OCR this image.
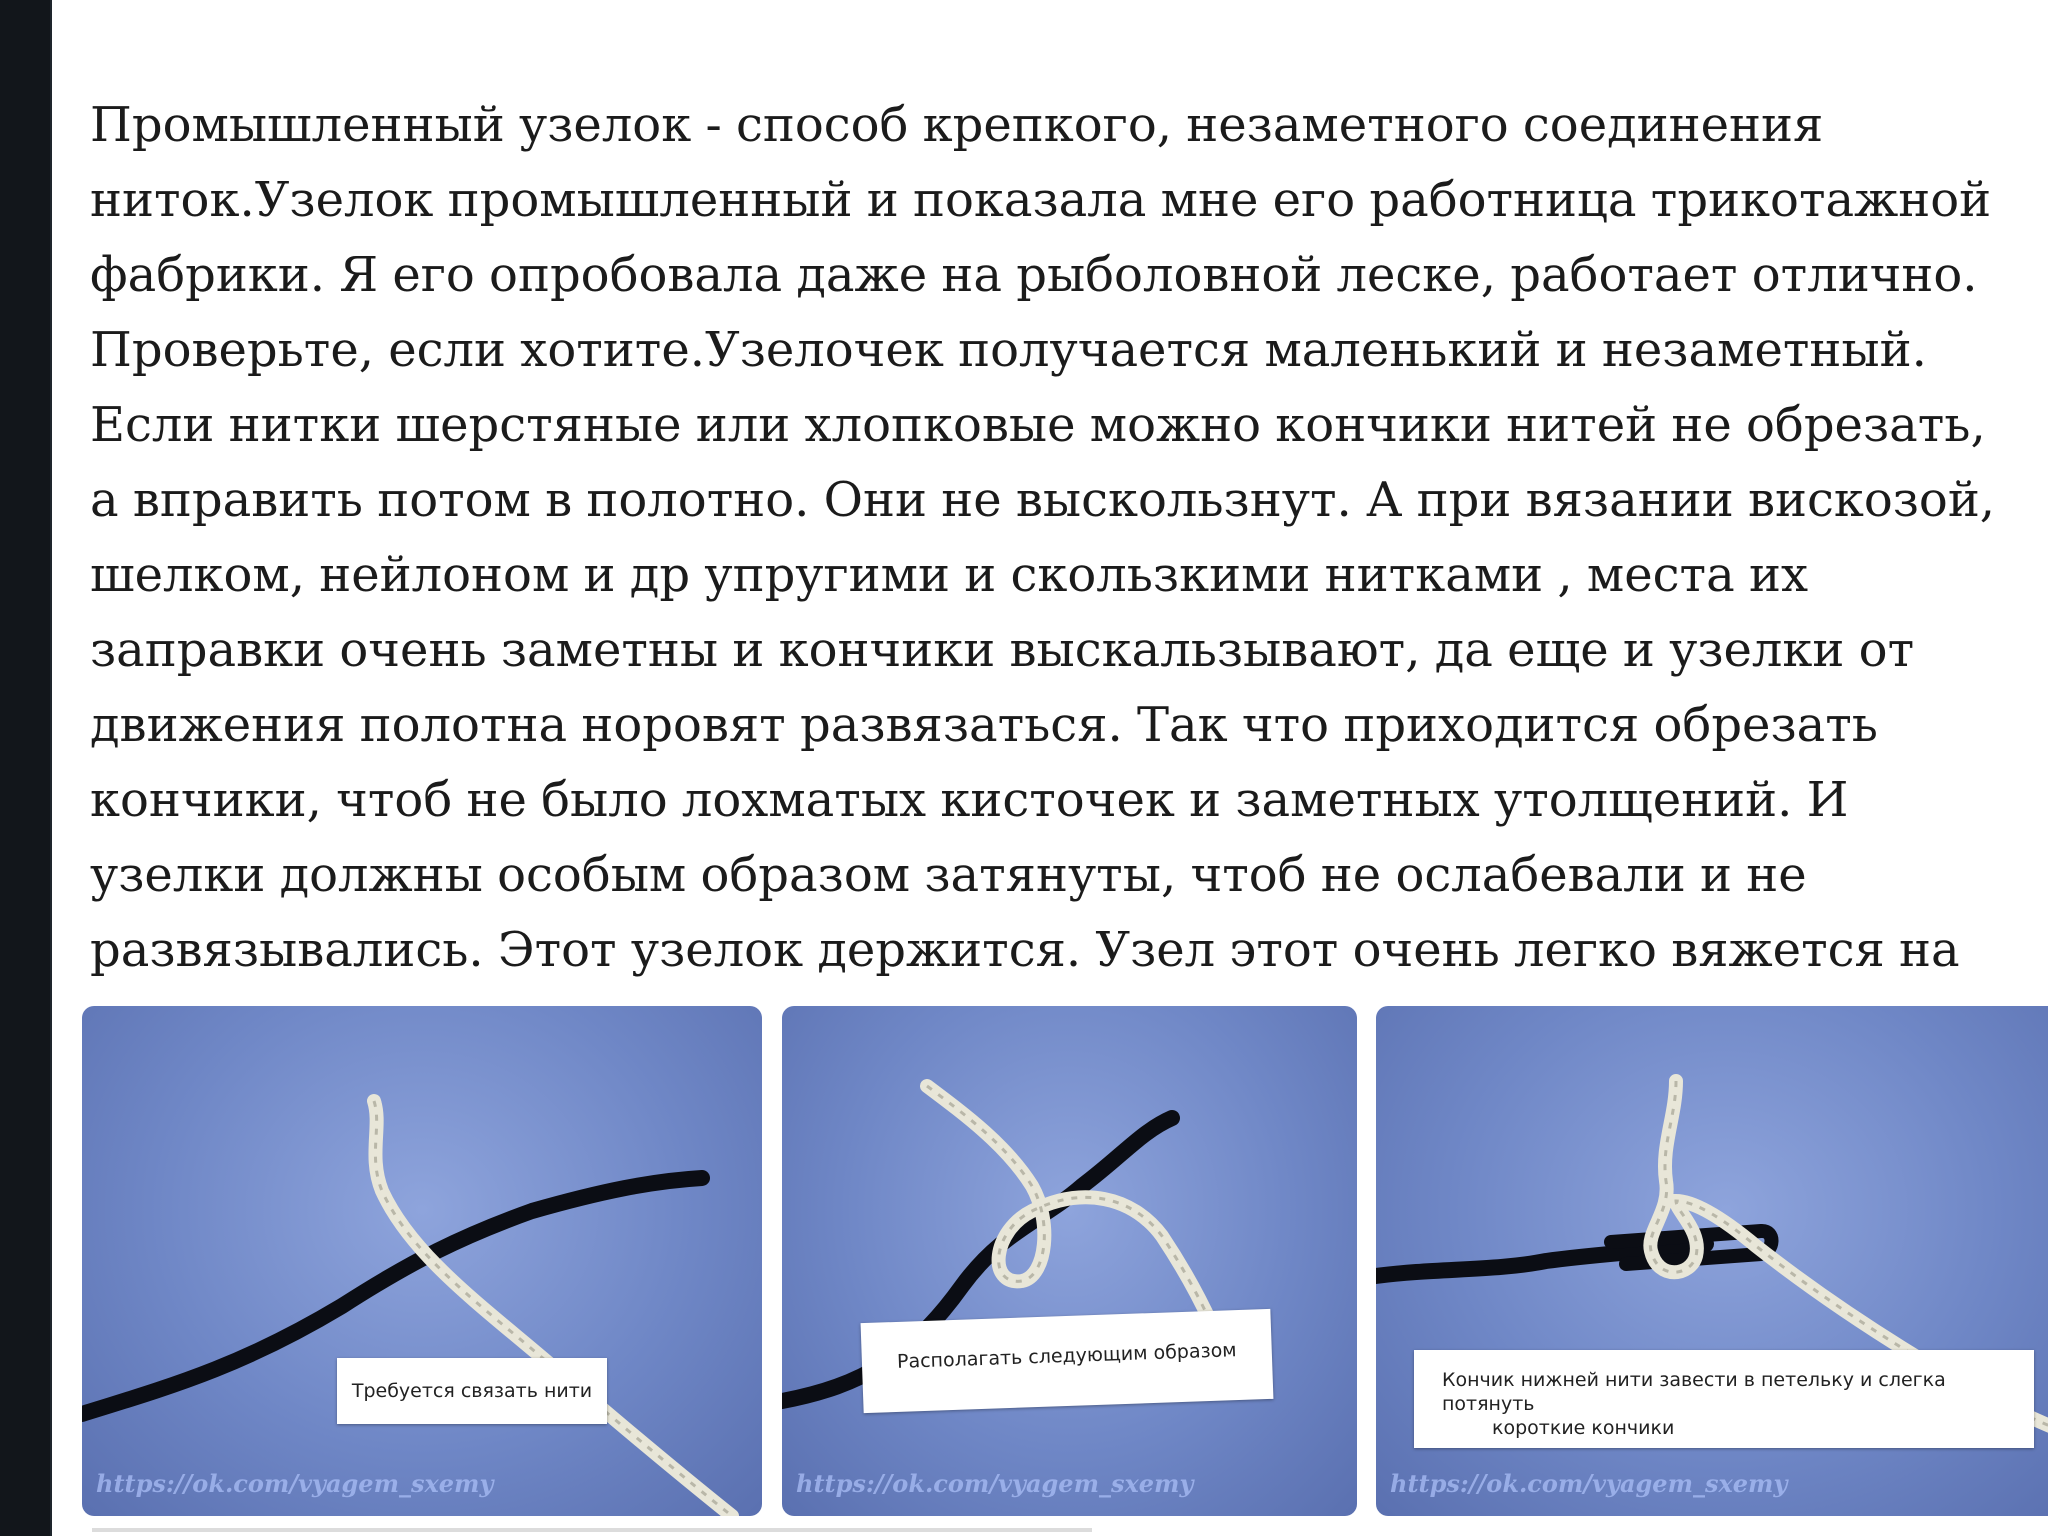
Промышленный узелок - способ крепкого, незаметного соединения ниток.Узелок промышленный и показала мне его работница трикотажной фабрики. Я его опробовала даже на рыболовной леске, работает отлично. Проверьте, если хотите.Узелочек получается маленький и незаметный. Если нитки шерстяные или хлопковые можно кончики нитей не обрезать, а вправить потом в полотно. Они не выскользнут. А при вязании вискозой, шелком, нейлоном и др упругими и скользкими нитками , места их заправки очень заметны и кончики выскальзывают, да еще и узелки от движения полотна норовят развязаться. Так что приходится обрезать кончики, чтоб не было лохматых кисточек и заметных утолщений. И узелки должны особым образом затянуты, чтоб не ослабевали и не развязывались. Этот узелок держится. Узел этот очень легко вяжется на

Требуется связать нити
https://ok.com/vyagem_sxemy
Располагать следующим образом
https://ok.com/vyagem_sxemy
Кончик нижней нити завести в петельку и слегка потянуть
короткие кончики
https://ok.com/vyagem_sxemy
